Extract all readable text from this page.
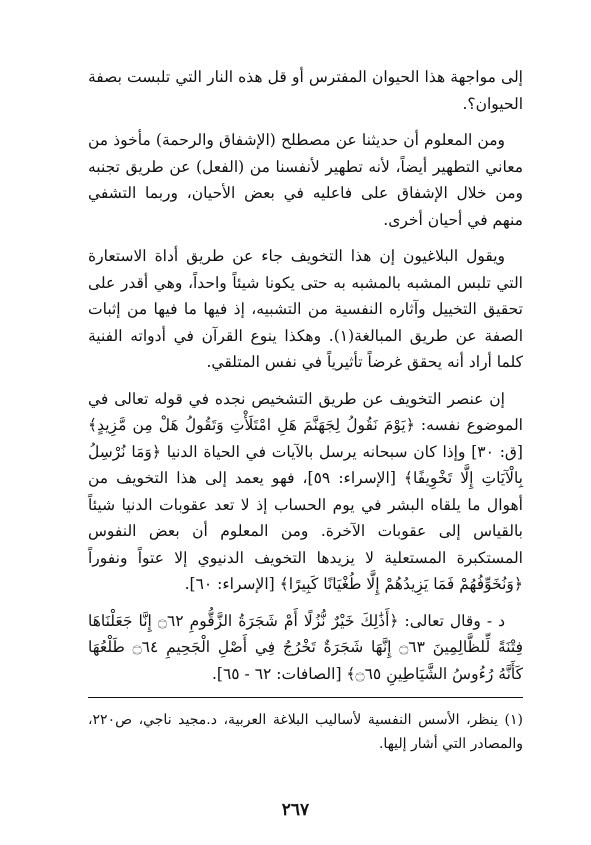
إلى مواجهة هذا الحيوان المفترس أو قل هذه النار التي تلبست بصفة الحيوان؟.

ومن المعلوم أن حديثنا عن مصطلح (الإشفاق والرحمة) مأخوذ من معاني التطهير أيضاً، لأنه تطهير لأنفسنا من (الفعل) عن طريق تجنبه ومن خلال الإشفاق على فاعليه في بعض الأحيان، وربما التشفي منهم في أحيان أخرى.

ويقول البلاغيون إن هذا التخويف جاء عن طريق أداة الاستعارة التي تلبس المشبه بالمشبه به حتى يكونا شيئاً واحداً، وهي أقدر على تحقيق التخييل وآثاره النفسية من التشبيه، إذ فيها ما فيها من إثبات الصفة عن طريق المبالغة(١). وهكذا ينوع القرآن في أدواته الفنية كلما أراد أنه يحقق غرضاً تأثيرياً في نفس المتلقي.

إن عنصر التخويف عن طريق التشخيص نجده في قوله تعالى في الموضوع نفسه: ﴿يَوْمَ نَقُولُ لِجَهَنَّمَ هَلِ امْتَلَأْتِ وَتَقُولُ هَلْ مِن مَّزِيدٍ﴾ [ق: ٣٠] وإذا كان سبحانه يرسل بالآيات في الحياة الدنيا ﴿وَمَا نُرْسِلُ بِالْآيَاتِ إِلَّا تَخْوِيفًا﴾ [الإسراء: ٥٩]، فهو يعمد إلى هذا التخويف من أهوال ما يلقاه البشر في يوم الحساب إذ لا تعد عقوبات الدنيا شيئاً بالقياس إلى عقوبات الآخرة. ومن المعلوم أن بعض النفوس المستكبرة المستعلية لا يزيدها التخويف الدنيوي إلا عتواً ونفوراً ﴿وَنُخَوِّفُهُمْ فَمَا يَزِيدُهُمْ إِلَّا طُغْيَانًا كَبِيرًا﴾ [الإسراء: ٦٠].

د - وقال تعالى: ﴿أَذَٰلِكَ خَيْرٌ نُّزُلًا أَمْ شَجَرَةُ الزَّقُّومِ ۝٦٢ إِنَّا جَعَلْنَاهَا فِتْنَةً لِّلظَّالِمِينَ ۝٦٣ إِنَّهَا شَجَرَةٌ تَخْرُجُ فِي أَصْلِ الْجَحِيمِ ۝٦٤ طَلْعُهَا كَأَنَّهُ رُءُوسُ الشَّيَاطِينِ ۝٦٥﴾ [الصافات: ٦٢ - ٦٥].

(١) ينظر، الأسس النفسية لأساليب البلاغة العربية، د.مجيد ناجي، ص٢٢٠، والمصادر التي أشار إليها.

٢٦٧
